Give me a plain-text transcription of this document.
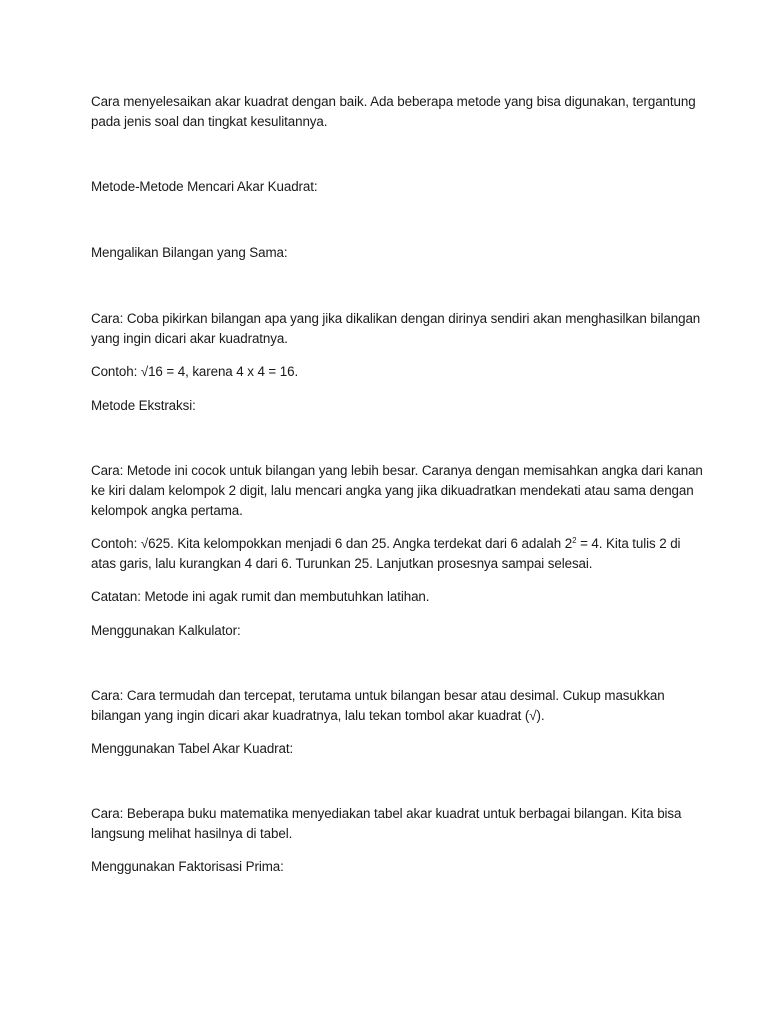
Cara menyelesaikan akar kuadrat dengan baik. Ada beberapa metode yang bisa digunakan, tergantung
pada jenis soal dan tingkat kesulitannya.

Metode-Metode Mencari Akar Kuadrat:

Mengalikan Bilangan yang Sama:

Cara: Coba pikirkan bilangan apa yang jika dikalikan dengan dirinya sendiri akan menghasilkan bilangan
yang ingin dicari akar kuadratnya.

Contoh: √16 = 4, karena 4 x 4 = 16.

Metode Ekstraksi:

Cara: Metode ini cocok untuk bilangan yang lebih besar. Caranya dengan memisahkan angka dari kanan
ke kiri dalam kelompok 2 digit, lalu mencari angka yang jika dikuadratkan mendekati atau sama dengan
kelompok angka pertama.

Contoh: √625. Kita kelompokkan menjadi 6 dan 25. Angka terdekat dari 6 adalah $2^2 = 4$. Kita tulis 2 di
atas garis, lalu kurangkan 4 dari 6. Turunkan 25. Lanjutkan prosesnya sampai selesai.

Catatan: Metode ini agak rumit dan membutuhkan latihan.

Menggunakan Kalkulator:

Cara: Cara termudah dan tercepat, terutama untuk bilangan besar atau desimal. Cukup masukkan
bilangan yang ingin dicari akar kuadratnya, lalu tekan tombol akar kuadrat (√).

Menggunakan Tabel Akar Kuadrat:

Cara: Beberapa buku matematika menyediakan tabel akar kuadrat untuk berbagai bilangan. Kita bisa
langsung melihat hasilnya di tabel.

Menggunakan Faktorisasi Prima:
